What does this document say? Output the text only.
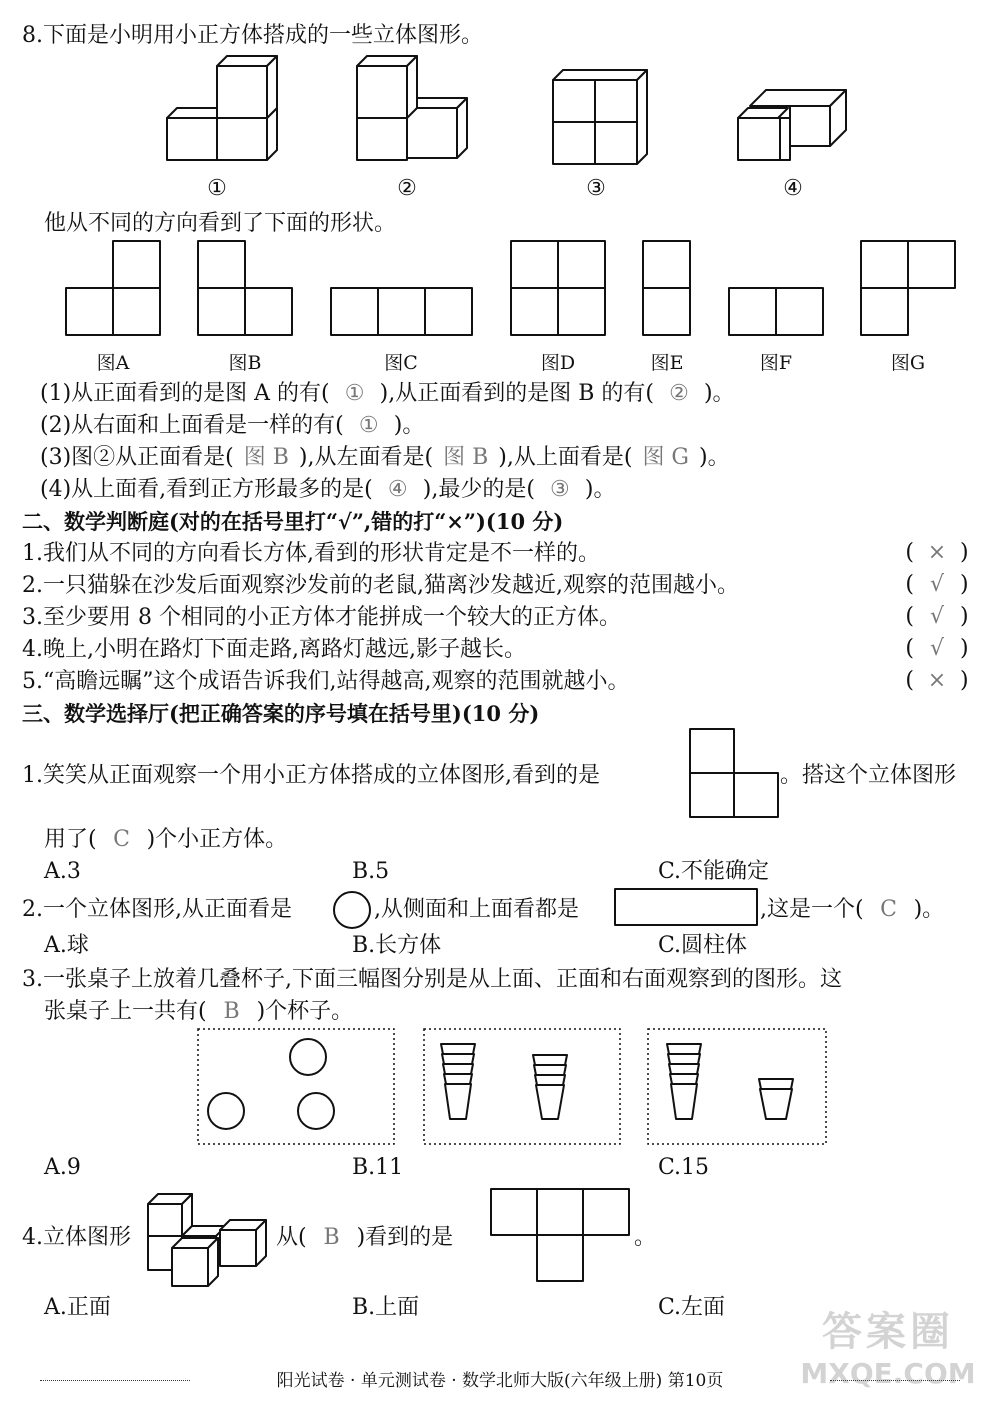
8.下面是小明用小正方体搭成的一些立体图形。
①	②	③	④
他从不同的方向看到了下面的形状。
图A	图B	图C	图D	图E	图F	图G
(1)从正面看到的是图 A 的有( ① ),从正面看到的是图 B 的有( ② )。
(2)从右面和上面看是一样的有( ① )。
(3)图②从正面看是( 图 B ),从左面看是( 图 B ),从上面看是( 图 G )。
(4)从上面看,看到正方形最多的是( ④ ),最少的是( ③ )。
二、数学判断庭(对的在括号里打“√”,错的打“×”)(10 分)
1.我们从不同的方向看长方体,看到的形状肯定是不一样的。	( × )
2.一只猫躲在沙发后面观察沙发前的老鼠,猫离沙发越近,观察的范围越小。	( √ )
3.至少要用 8 个相同的小正方体才能拼成一个较大的正方体。	( √ )
4.晚上,小明在路灯下面走路,离路灯越远,影子越长。	( √ )
5.“高瞻远瞩”这个成语告诉我们,站得越高,观察的范围就越小。	( × )
三、数学选择厅(把正确答案的序号填在括号里)(10 分)
1.笑笑从正面观察一个用小正方体搭成的立体图形,看到的是	。搭这个立体图形
用了( C )个小正方体。
A.3	B.5	C.不能确定
2.一个立体图形,从正面看是	,从侧面和上面看都是	,这是一个( C )。
A.球	B.长方体	C.圆柱体
3.一张桌子上放着几叠杯子,下面三幅图分别是从上面、正面和右面观察到的图形。这
张桌子上一共有( B )个杯子。
A.9	B.11	C.15
4.立体图形	从( B )看到的是	。
A.正面	B.上面	C.左面
阳光试卷 · 单元测试卷 · 数学北师大版(六年级上册) 第10页
答案圈
MXQE.COM
